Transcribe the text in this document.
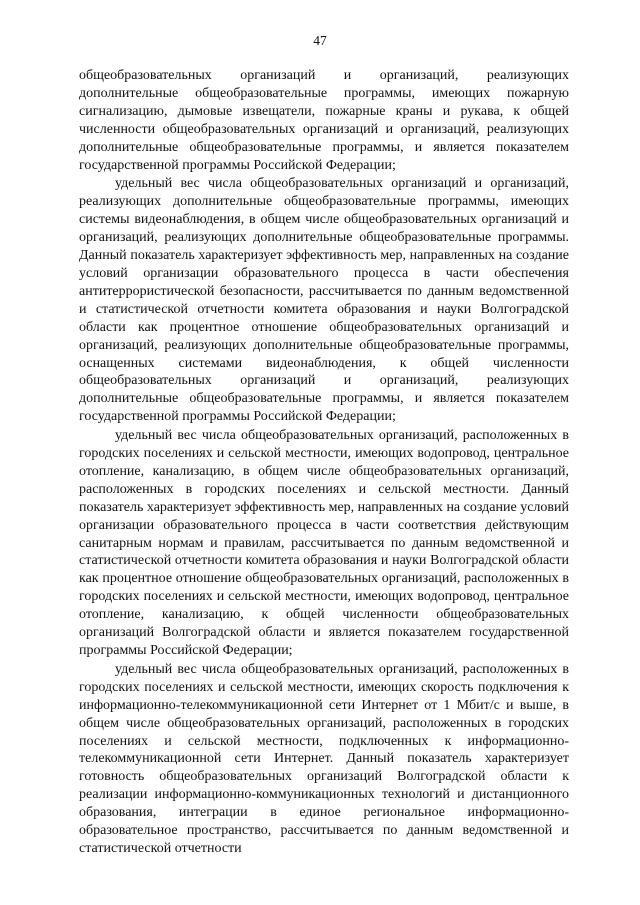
47

общеобразовательных организаций и организаций, реализующих дополнительные общеобразовательные программы, имеющих пожарную сигнализацию, дымовые извещатели, пожарные краны и рукава, к общей численности общеобразовательных организаций и организаций, реализующих дополнительные общеобразовательные программы, и является показателем государственной программы Российской Федерации;

удельный вес числа общеобразовательных организаций и организаций, реализующих дополнительные общеобразовательные программы, имеющих системы видеонаблюдения, в общем числе общеобразовательных организаций и организаций, реализующих дополнительные общеобразовательные программы. Данный показатель характеризует эффективность мер, направленных на создание условий организации образовательного процесса в части обеспечения антитеррористической безопасности, рассчитывается по данным ведомственной и статистической отчетности комитета образования и науки Волгоградской области как процентное отношение общеобразовательных организаций и организаций, реализующих дополнительные общеобразовательные программы, оснащенных системами видеонаблюдения, к общей численности общеобразовательных организаций и организаций, реализующих дополнительные общеобразовательные программы, и является показателем государственной программы Российской Федерации;

удельный вес числа общеобразовательных организаций, расположенных в городских поселениях и сельской местности, имеющих водопровод, центральное отопление, канализацию, в общем числе общеобразовательных организаций, расположенных в городских поселениях и сельской местности. Данный показатель характеризует эффективность мер, направленных на создание условий организации образовательного процесса в части соответствия действующим санитарным нормам и правилам, рассчитывается по данным ведомственной и статистической отчетности комитета образования и науки Волгоградской области как процентное отношение общеобразовательных организаций, расположенных в городских поселениях и сельской местности, имеющих водопровод, центральное отопление, канализацию, к общей численности общеобразовательных организаций Волгоградской области и является показателем государственной программы Российской Федерации;

удельный вес числа общеобразовательных организаций, расположенных в городских поселениях и сельской местности, имеющих скорость подключения к информационно-телекоммуникационной сети Интернет от 1 Мбит/с и выше, в общем числе общеобразовательных организаций, расположенных в городских поселениях и сельской местности, подключенных к информационно-телекоммуникационной сети Интернет. Данный показатель характеризует готовность общеобразовательных организаций Волгоградской области к реализации информационно-коммуникационных технологий и дистанционного образования, интеграции в единое региональное информационно-образовательное пространство, рассчитывается по данным ведомственной и статистической отчетности
